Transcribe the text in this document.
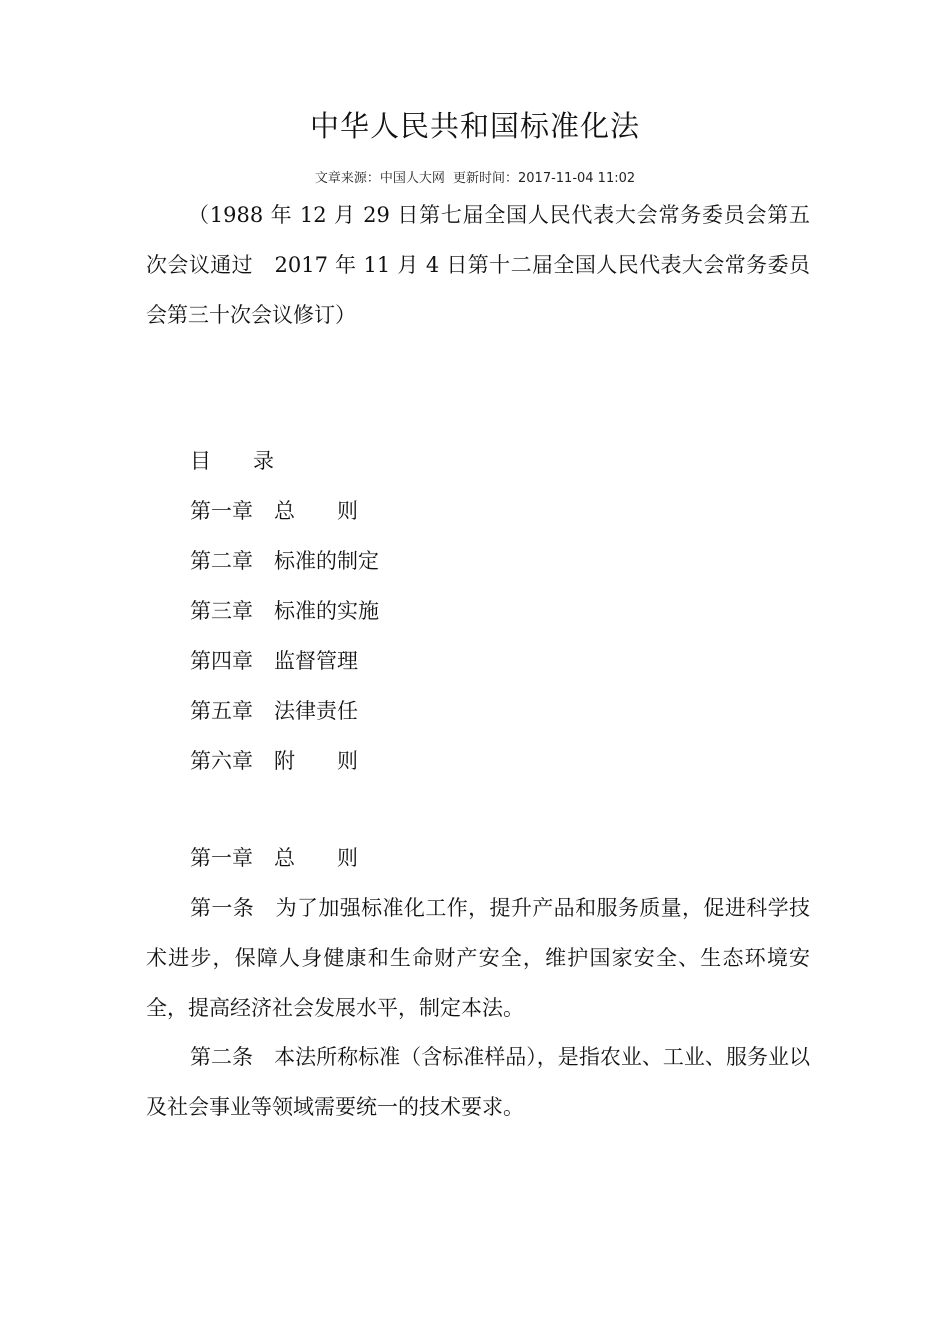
中华人民共和国标准化法
文章来源：中国人大网 更新时间：2017-11-04 11:02
（1988 年 12 月 29 日第七届全国人民代表大会常务委员会第五次会议通过　2017 年 11 月 4 日第十二届全国人民代表大会常务委员会第三十次会议修订）
目　　录
第一章　总　　则
第二章　标准的制定
第三章　标准的实施
第四章　监督管理
第五章　法律责任
第六章　附　　则
第一章　总　　则
第一条　为了加强标准化工作，提升产品和服务质量，促进科学技术进步，保障人身健康和生命财产安全，维护国家安全、生态环境安全，提高经济社会发展水平，制定本法。
第二条　本法所称标准（含标准样品），是指农业、工业、服务业以及社会事业等领域需要统一的技术要求。
